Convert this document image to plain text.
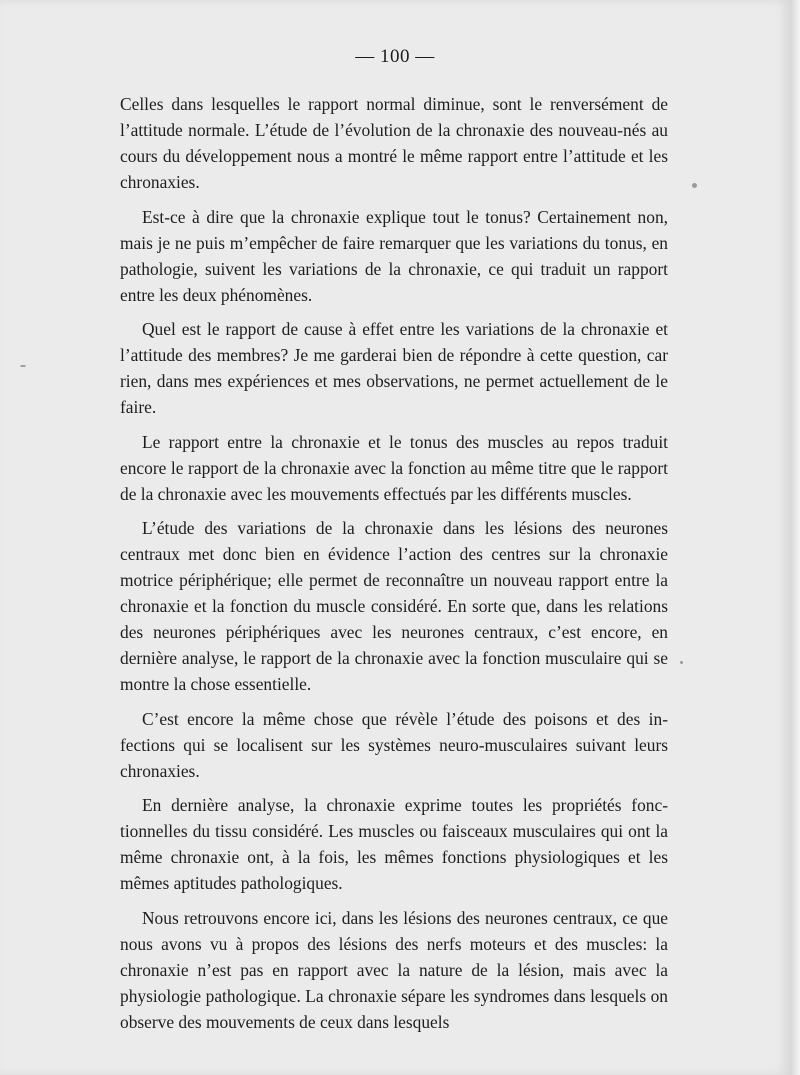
— 100 —

Celles dans lesquelles le rapport normal diminue, sont le renversément de l’attitude normale. L’étude de l’évolution de la chronaxie des nouveau-nés au cours du développement nous a montré le même rapport entre l’attitude et les chronaxies.

Est-ce à dire que la chronaxie explique tout le tonus? Certainement non, mais je ne puis m’empêcher de faire remarquer que les variations du tonus, en pathologie, suivent les variations de la chronaxie, ce qui traduit un rapport entre les deux phénomènes.

Quel est le rapport de cause à effet entre les variations de la chronaxie et l’attitude des membres? Je me garderai bien de répondre à cette question, car rien, dans mes expériences et mes observations, ne permet actuellement de le faire.

Le rapport entre la chronaxie et le tonus des muscles au repos traduit encore le rapport de la chronaxie avec la fonction au même titre que le rapport de la chronaxie avec les mouvements effectués par les différents muscles.

L’étude des variations de la chronaxie dans les lésions des neurones centraux met donc bien en évidence l’action des centres sur la chronaxie motrice périphérique; elle permet de reconnaître un nouveau rapport entre la chronaxie et la fonction du muscle considéré. En sorte que, dans les relations des neurones périphériques avec les neurones centraux, c’est encore, en dernière analyse, le rapport de la chronaxie avec la fonction musculaire qui se montre la chose essentielle.

C’est encore la même chose que révèle l’étude des poisons et des infections qui se localisent sur les systèmes neuro-musculaires suivant leurs chronaxies.

En dernière analyse, la chronaxie exprime toutes les propriétés fonctionnelles du tissu considéré. Les muscles ou faisceaux musculaires qui ont la même chronaxie ont, à la fois, les mêmes fonctions physiologiques et les mêmes aptitudes pathologiques.

Nous retrouvons encore ici, dans les lésions des neurones centraux, ce que nous avons vu à propos des lésions des nerfs moteurs et des muscles: la chronaxie n’est pas en rapport avec la nature de la lésion, mais avec la physiologie pathologique. La chronaxie sépare les syndromes dans lesquels on observe des mouvements de ceux dans lesquels
